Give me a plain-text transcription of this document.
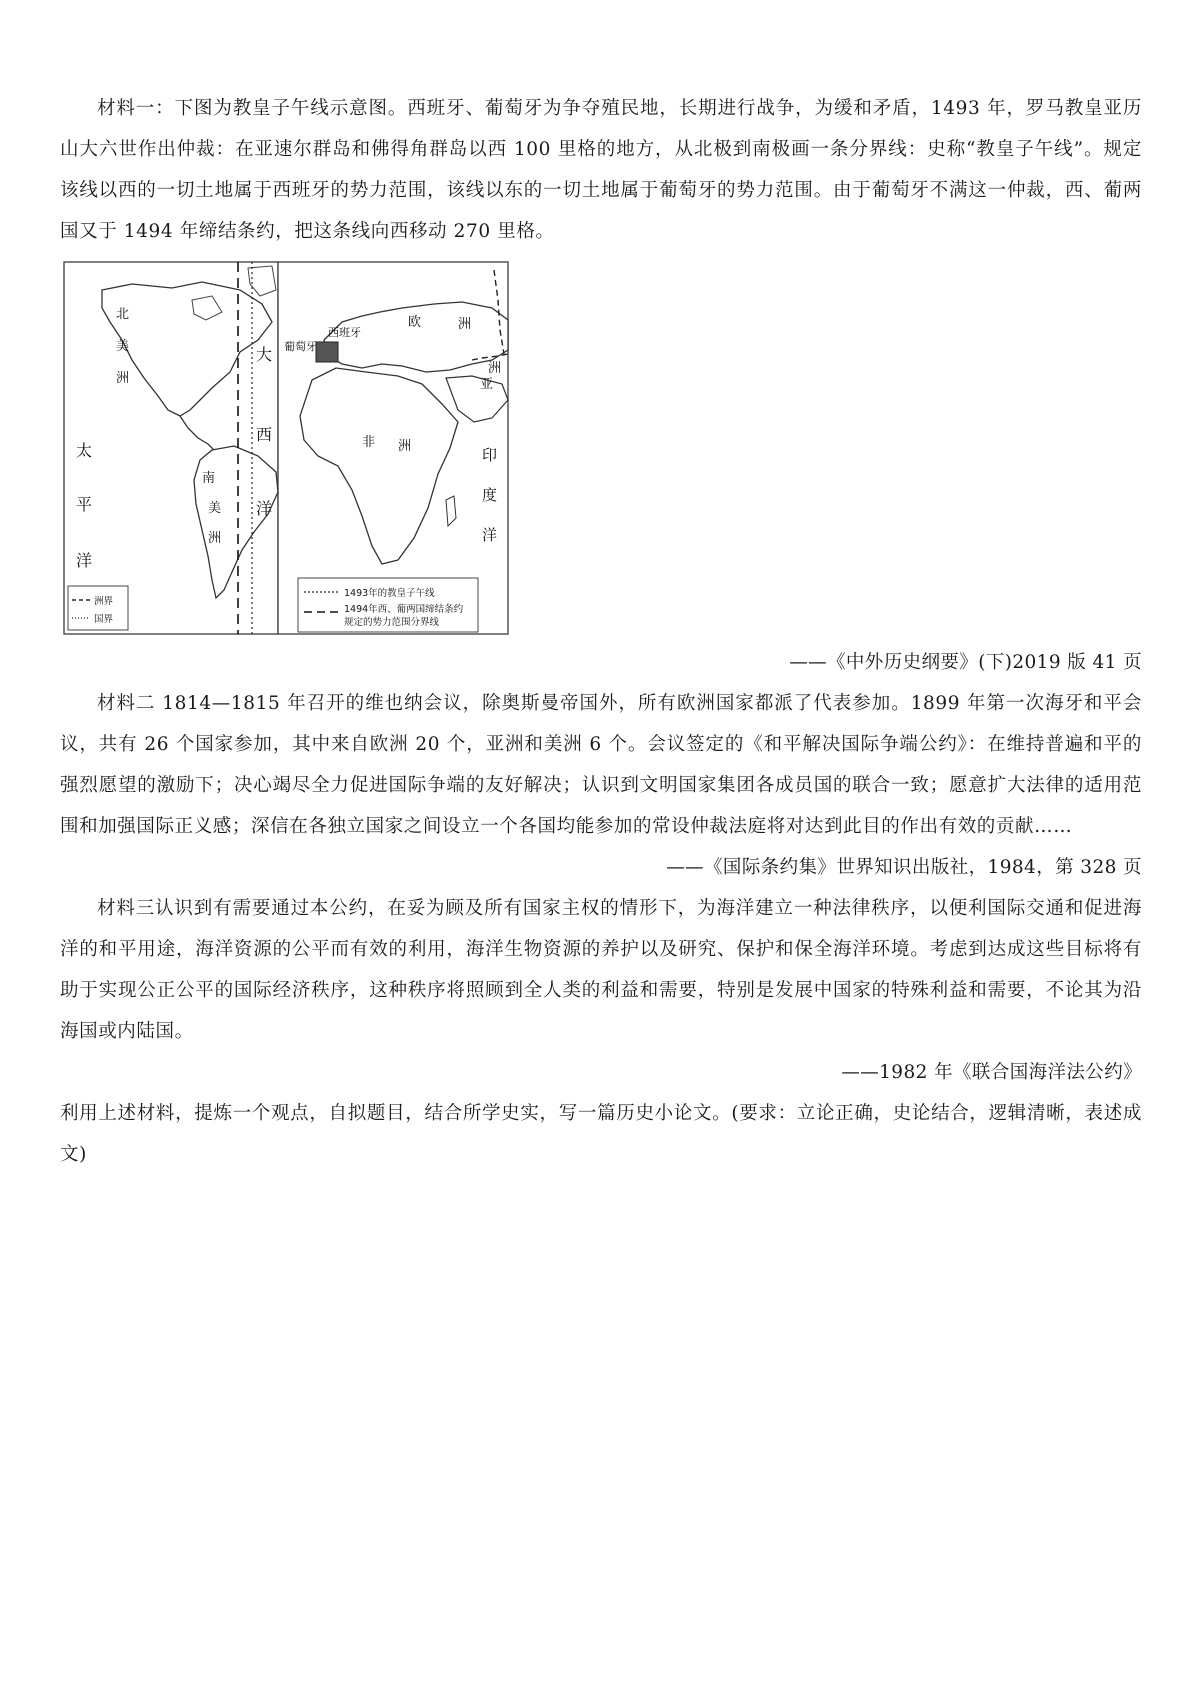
材料一：下图为教皇子午线示意图。西班牙、葡萄牙为争夺殖民地，长期进行战争，为缓和矛盾，1493 年，罗马教皇亚历山大六世作出仲裁：在亚速尔群岛和佛得角群岛以西 100 里格的地方，从北极到南极画一条分界线：史称“教皇子午线”。规定该线以西的一切土地属于西班牙的势力范围，该线以东的一切土地属于葡萄牙的势力范围。由于葡萄牙不满这一仲裁，西、葡两国又于 1494 年缔结条约，把这条线向西移动 270 里格。

北
美
洲
太
平
洋
南
美
洲
大
西
洋
欧	洲
非 洲
亚
洲
印
度
洋
西班牙
葡萄牙
洲界
国界
1493年的教皇子午线
1494年西、葡两国缔结条约
规定的势力范围分界线

——《中外历史纲要》(下)2019 版 41 页

材料二 1814—1815 年召开的维也纳会议，除奥斯曼帝国外，所有欧洲国家都派了代表参加。1899 年第一次海牙和平会议，共有 26 个国家参加，其中来自欧洲 20 个，亚洲和美洲 6 个。会议签定的《和平解决国际争端公约》：在维持普遍和平的强烈愿望的激励下；决心竭尽全力促进国际争端的友好解决；认识到文明国家集团各成员国的联合一致；愿意扩大法律的适用范围和加强国际正义感；深信在各独立国家之间设立一个各国均能参加的常设仲裁法庭将对达到此目的作出有效的贡献……

——《国际条约集》世界知识出版社，1984，第 328 页

材料三认识到有需要通过本公约，在妥为顾及所有国家主权的情形下，为海洋建立一种法律秩序，以便利国际交通和促进海洋的和平用途，海洋资源的公平而有效的利用，海洋生物资源的养护以及研究、保护和保全海洋环境。考虑到达成这些目标将有助于实现公正公平的国际经济秩序，这种秩序将照顾到全人类的利益和需要，特别是发展中国家的特殊利益和需要，不论其为沿海国或内陆国。

——1982 年《联合国海洋法公约》

利用上述材料，提炼一个观点，自拟题目，结合所学史实，写一篇历史小论文。(要求：立论正确，史论结合，逻辑清晰，表述成文)
